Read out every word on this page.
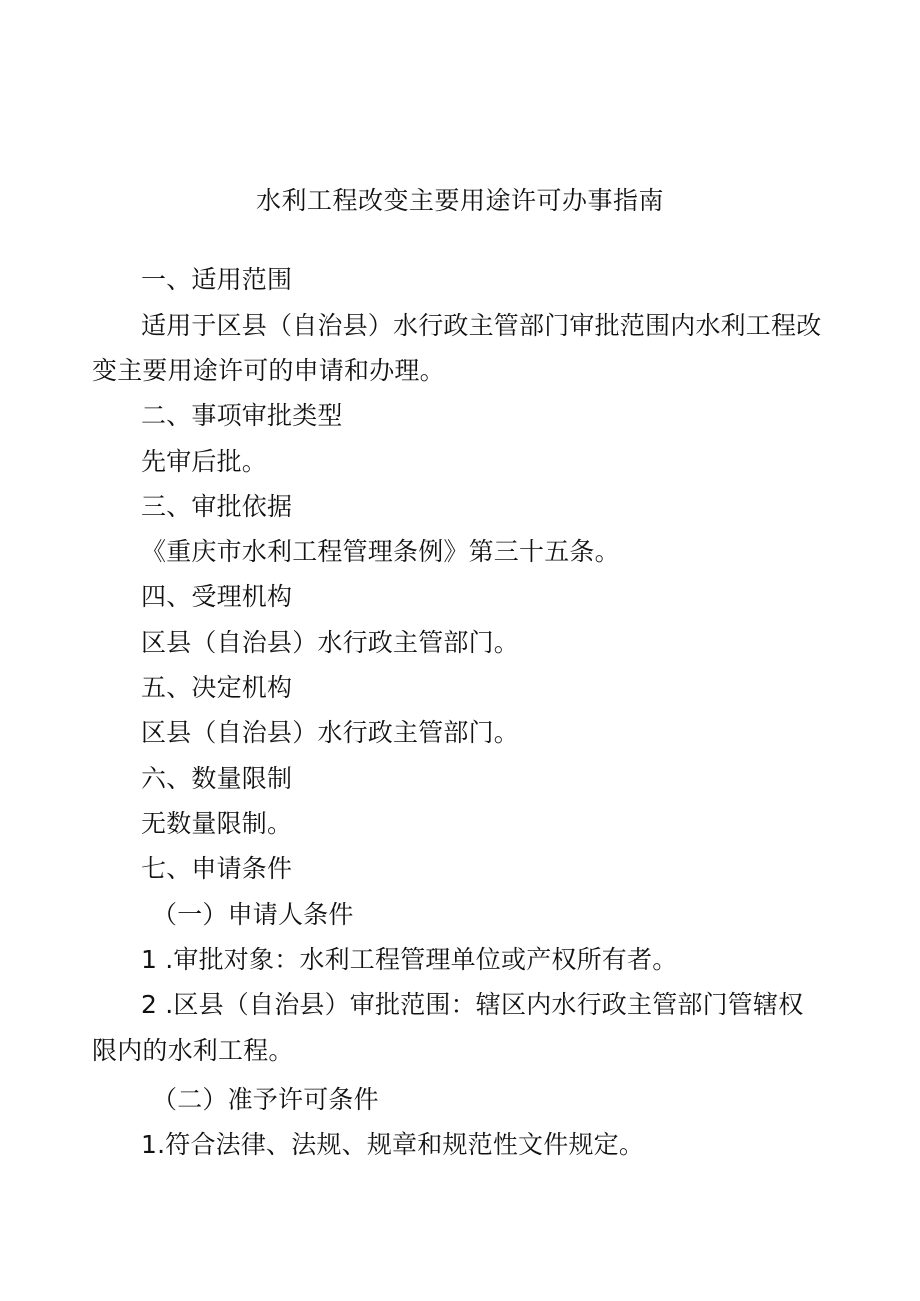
水利工程改变主要用途许可办事指南
一、适用范围
适用于区县（自治县）水行政主管部门审批范围内水利工程改
变主要用途许可的申请和办理。
二、事项审批类型
先审后批。
三、审批依据
《重庆市水利工程管理条例》第三十五条。
四、受理机构
区县（自治县）水行政主管部门。
五、决定机构
区县（自治县）水行政主管部门。
六、数量限制
无数量限制。
七、申请条件
（一）申请人条件
1 .审批对象：水利工程管理单位或产权所有者。
2 .区县（自治县）审批范围：辖区内水行政主管部门管辖权
限内的水利工程。
（二）准予许可条件
1.符合法律、法规、规章和规范性文件规定。
